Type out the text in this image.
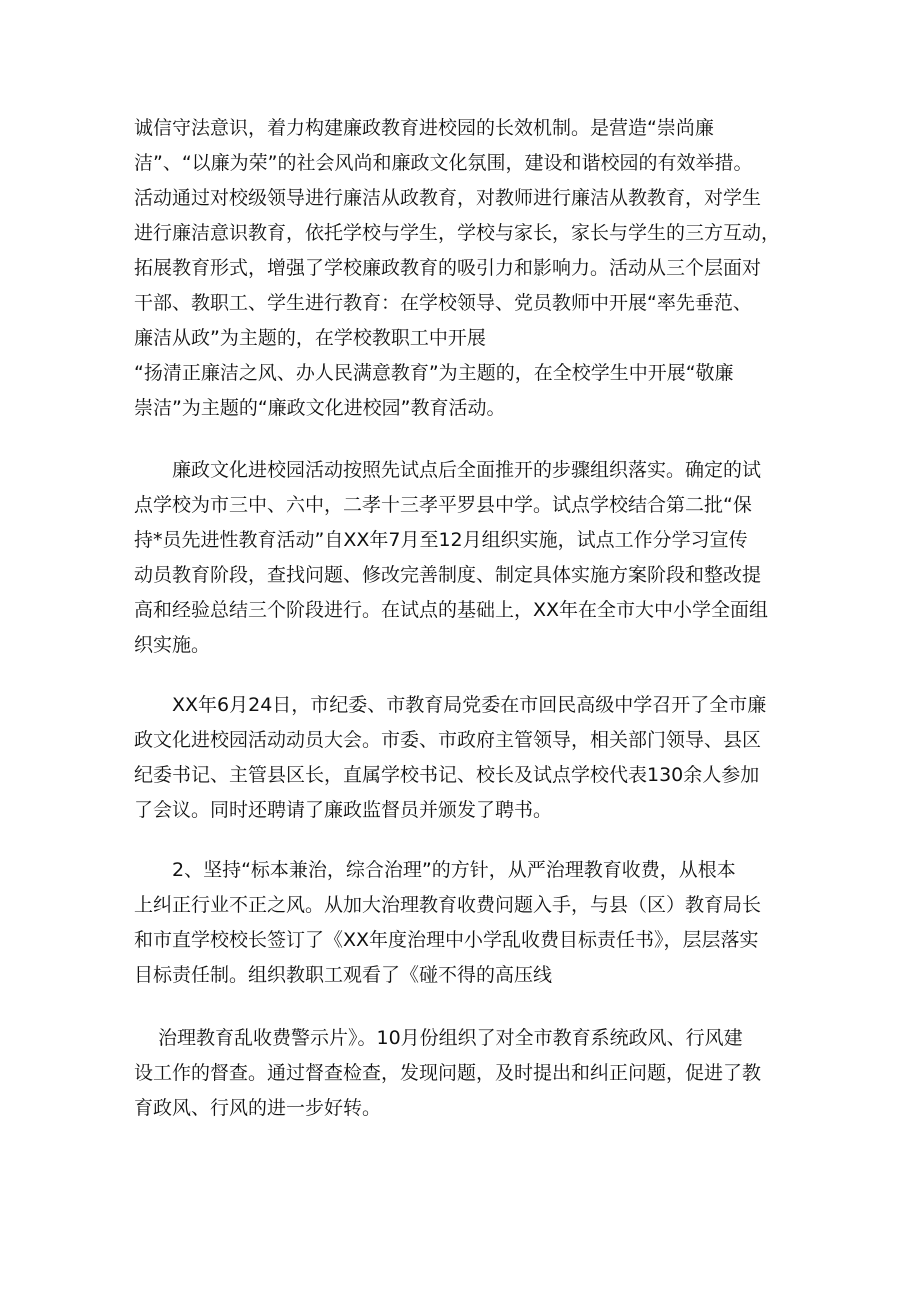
诚信守法意识，着力构建廉政教育进校园的长效机制。是营造“崇尚廉
洁”、“以廉为荣”的社会风尚和廉政文化氛围，建设和谐校园的有效举措。
活动通过对校级领导进行廉洁从政教育，对教师进行廉洁从教教育，对学生
进行廉洁意识教育，依托学校与学生，学校与家长，家长与学生的三方互动，
拓展教育形式，增强了学校廉政教育的吸引力和影响力。活动从三个层面对
干部、教职工、学生进行教育：在学校领导、党员教师中开展“率先垂范、
廉洁从政”为主题的，在学校教职工中开展
“扬清正廉洁之风、办人民满意教育”为主题的，在全校学生中开展“敬廉
崇洁”为主题的“廉政文化进校园”教育活动。
廉政文化进校园活动按照先试点后全面推开的步骤组织落实。确定的试
点学校为市三中、六中，二孝十三孝平罗县中学。试点学校结合第二批“保
持*员先进性教育活动”自XX年7月至12月组织实施，试点工作分学习宣传
动员教育阶段，查找问题、修改完善制度、制定具体实施方案阶段和整改提
高和经验总结三个阶段进行。在试点的基础上，XX年在全市大中小学全面组
织实施。
XX年6月24日，市纪委、市教育局党委在市回民高级中学召开了全市廉
政文化进校园活动动员大会。市委、市政府主管领导，相关部门领导、县区
纪委书记、主管县区长，直属学校书记、校长及试点学校代表130余人参加
了会议。同时还聘请了廉政监督员并颁发了聘书。
2、坚持“标本兼治，综合治理”的方针，从严治理教育收费，从根本
上纠正行业不正之风。从加大治理教育收费问题入手，与县（区）教育局长
和市直学校校长签订了《XX年度治理中小学乱收费目标责任书》，层层落实
目标责任制。组织教职工观看了《碰不得的高压线
治理教育乱收费警示片》。10月份组织了对全市教育系统政风、行风建
设工作的督查。通过督查检查，发现问题，及时提出和纠正问题，促进了教
育政风、行风的进一步好转。
